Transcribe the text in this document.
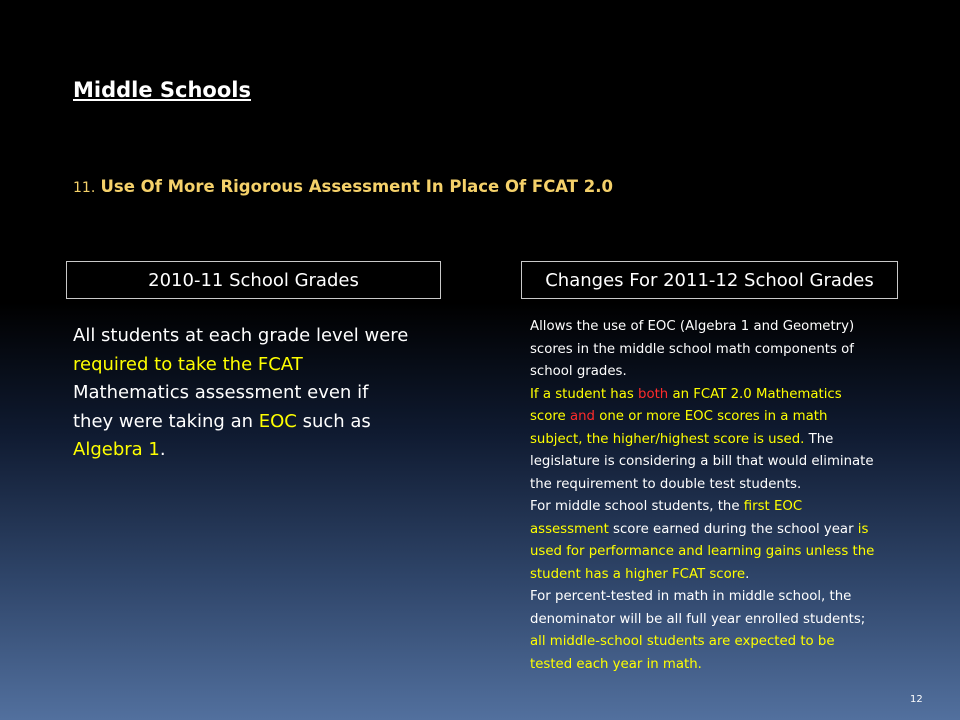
Middle Schools
11. Use Of More Rigorous Assessment In Place Of FCAT 2.0
2010-11 School Grades	Changes For 2011-12 School Grades
All students at each grade level were required to take the FCAT Mathematics assessment even if they were taking an EOC such as Algebra 1.
Allows the use of EOC (Algebra 1 and Geometry) scores in the middle school math components of school grades.
If a student has both an FCAT 2.0 Mathematics score and one or more EOC scores in a math subject, the higher/highest score is used. The legislature is considering a bill that would eliminate the requirement to double test students.
For middle school students, the first EOC assessment score earned during the school year is used for performance and learning gains unless the student has a higher FCAT score.
For percent-tested in math in middle school, the denominator will be all full year enrolled students; all middle-school students are expected to be tested each year in math.
12
